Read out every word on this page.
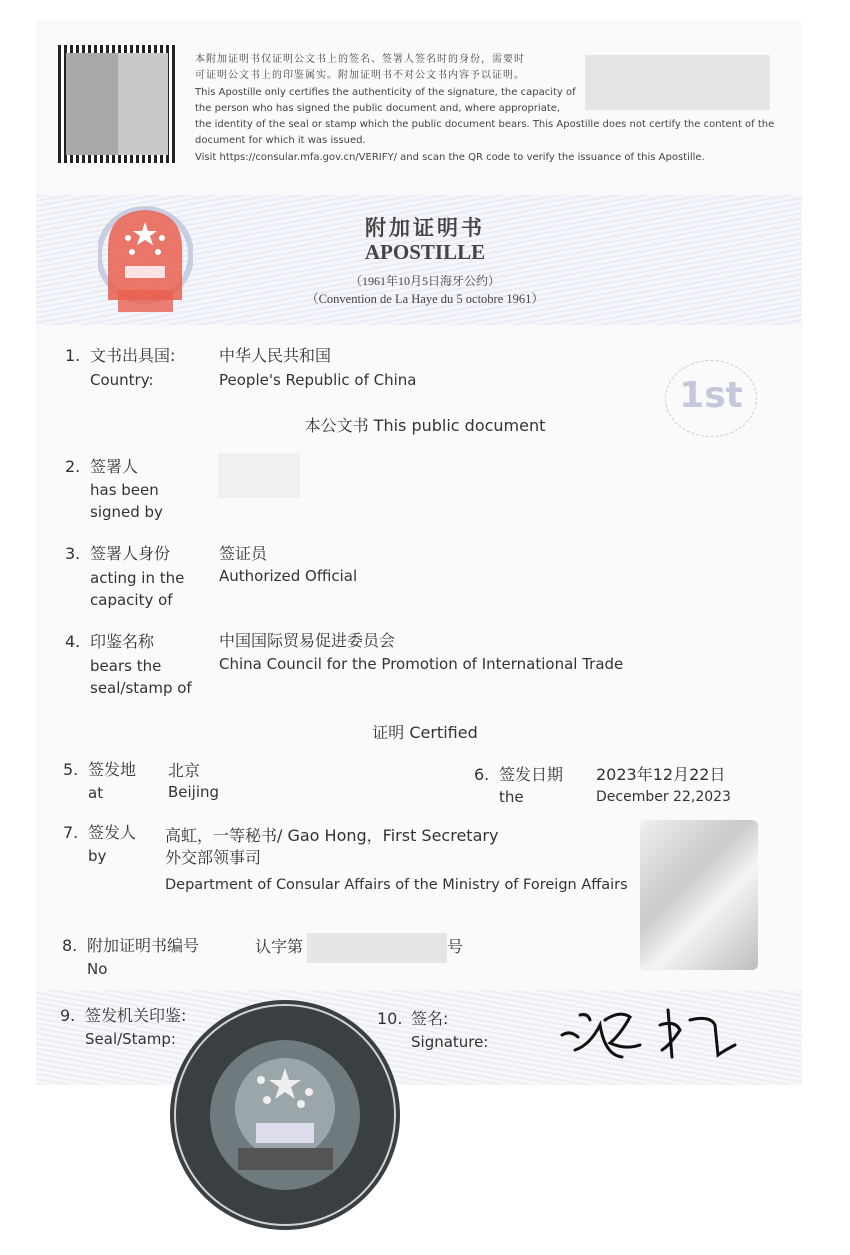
本附加证明书仅证明公文书上的签名、签署人签名时的身份，需要时
可证明公文书上的印鉴属实。附加证明书不对公文书内容予以证明。
This Apostille only certifies the authenticity of the signature, the capacity of
the person who has signed the public document and, where appropriate,
the identity of the seal or stamp which the public document bears. This Apostille does not certify the content of the
document for which it was issued.
Visit https://consular.mfa.gov.cn/VERIFY/ and scan the QR code to verify the issuance of this Apostille.
附加证明书
APOSTILLE
（1961年10月5日海牙公约）
（Convention de La Haye du 5 octobre 1961）
1st
1. 文书出具国:
Country:
中华人民共和国
People's Republic of China
本公文书 This public document
2. 签署人
has been
signed by
3. 签署人身份
acting in the
capacity of
签证员
Authorized Official
4. 印鉴名称
bears the
seal/stamp of
中国国际贸易促进委员会
China Council for the Promotion of International Trade
证明 Certified
5. 签发地
at
北京
Beijing
6. 签发日期
the
2023年12月22日
December 22,2023
7. 签发人
by
高虹，一等秘书/ Gao Hong，First Secretary
外交部领事司
Department of Consular Affairs of the Ministry of Foreign Affairs
8. 附加证明书编号
No
认字第	号
9. 签发机关印鉴:
Seal/Stamp:
10. 签名:
Signature:
